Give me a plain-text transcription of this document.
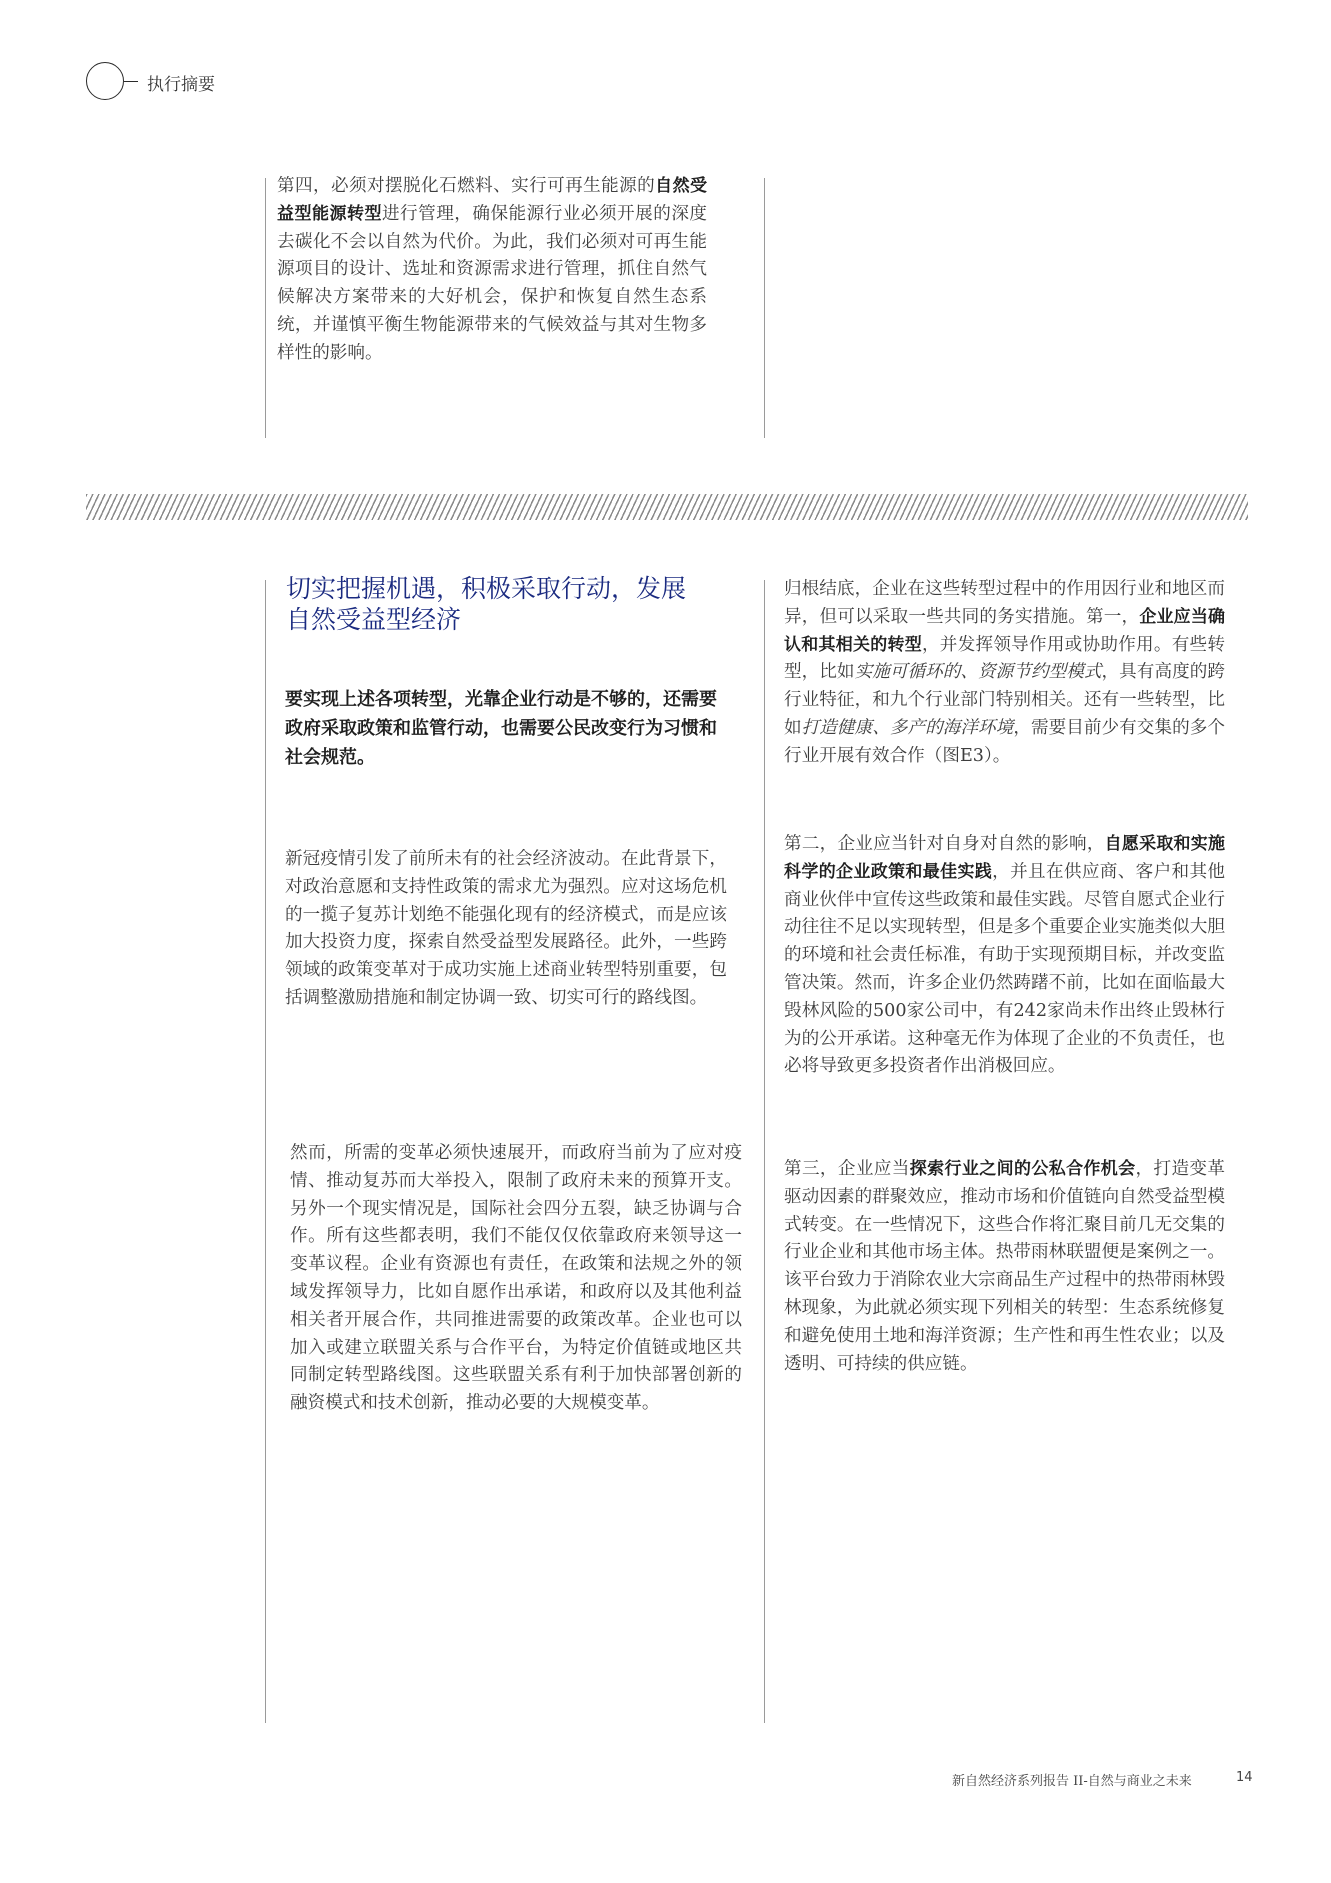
执行摘要

第四，必须对摆脱化石燃料、实行可再生能源的自然受益型能源转型进行管理，确保能源行业必须开展的深度去碳化不会以自然为代价。为此，我们必须对可再生能源项目的设计、选址和资源需求进行管理，抓住自然气候解决方案带来的大好机会，保护和恢复自然生态系统，并谨慎平衡生物能源带来的气候效益与其对生物多样性的影响。

切实把握机遇，积极采取行动，发展
自然受益型经济

要实现上述各项转型，光靠企业行动是不够的，还需要政府采取政策和监管行动，也需要公民改变行为习惯和社会规范。

新冠疫情引发了前所未有的社会经济波动。在此背景下，对政治意愿和支持性政策的需求尤为强烈。应对这场危机的一揽子复苏计划绝不能强化现有的经济模式，而是应该加大投资力度，探索自然受益型发展路径。此外，一些跨领域的政策变革对于成功实施上述商业转型特别重要，包括调整激励措施和制定协调一致、切实可行的路线图。

然而，所需的变革必须快速展开，而政府当前为了应对疫情、推动复苏而大举投入，限制了政府未来的预算开支。另外一个现实情况是，国际社会四分五裂，缺乏协调与合作。所有这些都表明，我们不能仅仅依靠政府来领导这一变革议程。企业有资源也有责任，在政策和法规之外的领域发挥领导力，比如自愿作出承诺，和政府以及其他利益相关者开展合作，共同推进需要的政策改革。企业也可以加入或建立联盟关系与合作平台，为特定价值链或地区共同制定转型路线图。这些联盟关系有利于加快部署创新的融资模式和技术创新，推动必要的大规模变革。

归根结底，企业在这些转型过程中的作用因行业和地区而异，但可以采取一些共同的务实措施。第一，企业应当确认和其相关的转型，并发挥领导作用或协助作用。有些转型，比如实施可循环的、资源节约型模式，具有高度的跨行业特征，和九个行业部门特别相关。还有一些转型，比如打造健康、多产的海洋环境，需要目前少有交集的多个行业开展有效合作（图E3）。

第二，企业应当针对自身对自然的影响，自愿采取和实施科学的企业政策和最佳实践，并且在供应商、客户和其他商业伙伴中宣传这些政策和最佳实践。尽管自愿式企业行动往往不足以实现转型，但是多个重要企业实施类似大胆的环境和社会责任标准，有助于实现预期目标，并改变监管决策。然而，许多企业仍然踌躇不前，比如在面临最大毁林风险的500家公司中，有242家尚未作出终止毁林行为的公开承诺。这种毫无作为体现了企业的不负责任，也必将导致更多投资者作出消极回应。

第三，企业应当探索行业之间的公私合作机会，打造变革驱动因素的群聚效应，推动市场和价值链向自然受益型模式转变。在一些情况下，这些合作将汇聚目前几无交集的行业企业和其他市场主体。热带雨林联盟便是案例之一。该平台致力于消除农业大宗商品生产过程中的热带雨林毁林现象，为此就必须实现下列相关的转型：生态系统修复和避免使用土地和海洋资源；生产性和再生性农业；以及透明、可持续的供应链。

新自然经济系列报告 II-自然与商业之未来	14
